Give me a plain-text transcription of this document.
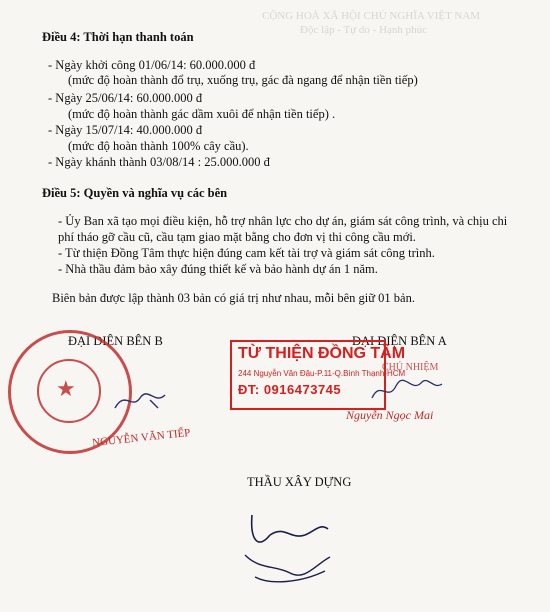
CỘNG HOÀ XÃ HỘI CHỦ NGHĨA VIỆT NAM
Độc lập - Tự do - Hạnh phúc
Điều 4: Thời hạn thanh toán
- Ngày khởi công 01/06/14: 60.000.000 đ
(mức độ hoàn thành đổ trụ, xuống trụ, gác đà ngang để nhận tiền tiếp)
- Ngày 25/06/14: 60.000.000 đ
(mức độ hoàn thành gác dầm xuôi để nhận tiền tiếp) .
- Ngày 15/07/14: 40.000.000 đ
(mức độ hoàn thành 100% cây cầu).
- Ngày khánh thành 03/08/14 : 25.000.000 đ
Điều 5: Quyền và nghĩa vụ các bên
- Ủy Ban xã tạo mọi điều kiện, hỗ trợ nhân lực cho dự án, giám sát công trình, và chịu chi
phí tháo gỡ cầu cũ, cầu tạm giao mặt bằng cho đơn vị thi công cầu mới.
- Từ thiện Đồng Tâm thực hiện đúng cam kết tài trợ và giám sát công trình.
- Nhà thầu đảm bảo xây đúng thiết kế và bảo hành dự án 1 năm.
Biên bản được lập thành 03 bản có giá trị như nhau, mỗi bên giữ 01 bản.
ĐẠI DIỆN BÊN B	ĐẠI DIỆN BÊN A
★
NGUYỄN VĂN TIẾP
TỪ THIỆN ĐỒNG TÂM
244 Nguyễn Văn Đậu-P.11-Q.Bình Thạnh-HCM
ĐT: 0916473745
CHỦ NHIỆM
Nguyễn Ngọc Mai
THẦU XÂY DỰNG
